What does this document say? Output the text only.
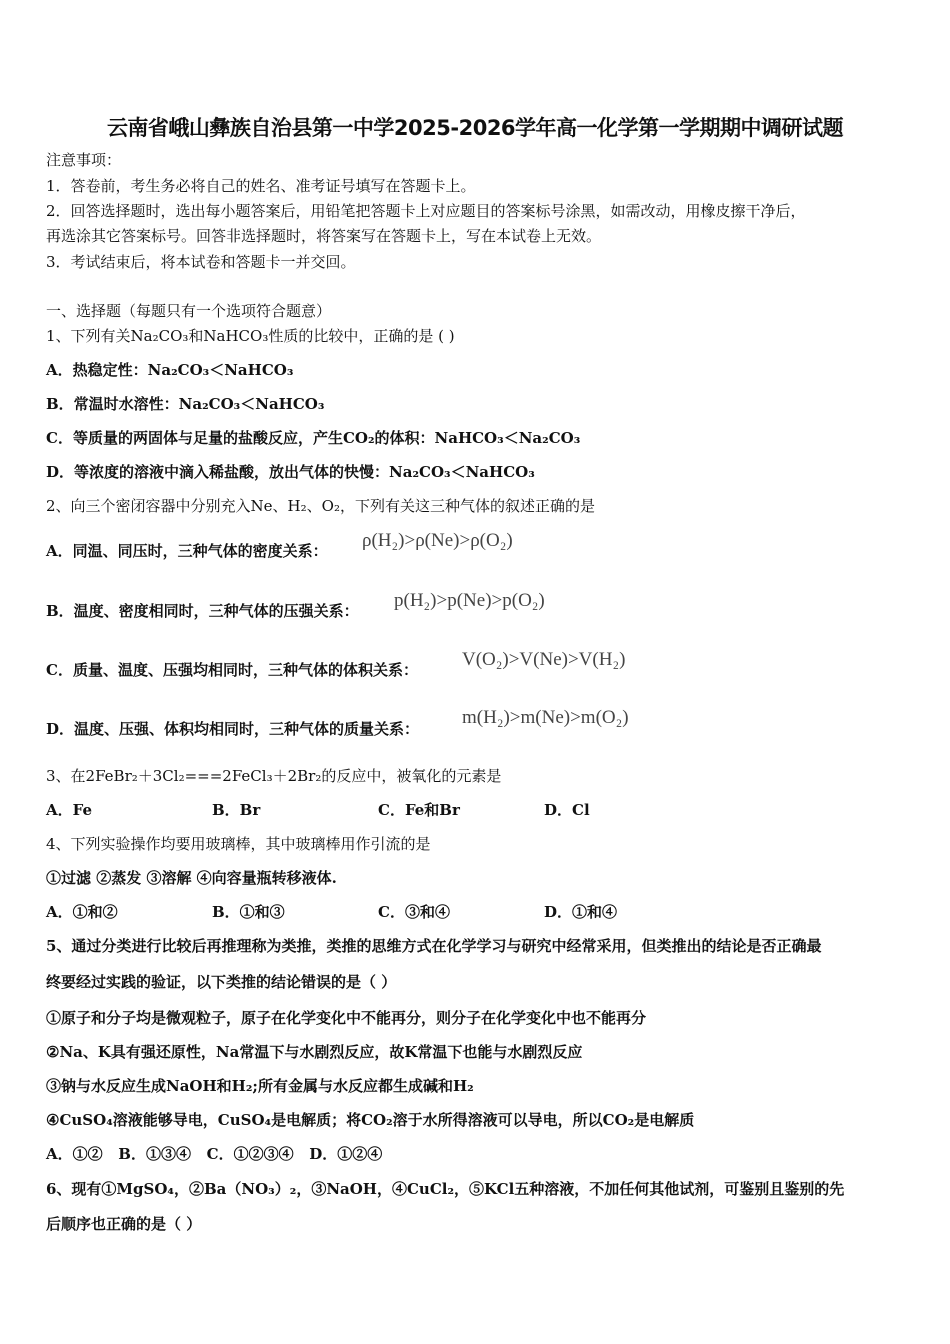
云南省峨山彝族自治县第一中学2025-2026学年高一化学第一学期期中调研试题
注意事项：
1．答卷前，考生务必将自己的姓名、准考证号填写在答题卡上。
2．回答选择题时，选出每小题答案后，用铅笔把答题卡上对应题目的答案标号涂黑，如需改动，用橡皮擦干净后，
再选涂其它答案标号。回答非选择题时，将答案写在答题卡上，写在本试卷上无效。
3．考试结束后，将本试卷和答题卡一并交回。
一、选择题（每题只有一个选项符合题意）
1、下列有关Na₂CO₃和NaHCO₃性质的比较中，正确的是 ( )
A．热稳定性：Na₂CO₃＜NaHCO₃
B．常温时水溶性：Na₂CO₃＜NaHCO₃
C．等质量的两固体与足量的盐酸反应，产生CO₂的体积：NaHCO₃＜Na₂CO₃
D．等浓度的溶液中滴入稀盐酸，放出气体的快慢：Na₂CO₃＜NaHCO₃
2、向三个密闭容器中分别充入Ne、H₂、O₂，下列有关这三种气体的叙述正确的是
A．同温、同压时，三种气体的密度关系： ρ(H₂)>ρ(Ne)>ρ(O₂)
B．温度、密度相同时，三种气体的压强关系： p(H₂)>p(Ne)>p(O₂)
C．质量、温度、压强均相同时，三种气体的体积关系： V(O₂)>V(Ne)>V(H₂)
D．温度、压强、体积均相同时，三种气体的质量关系：
m(H₂)>m(Ne)>m(O₂)
3、在2FeBr₂＋3Cl₂===2FeCl₃＋2Br₂的反应中，被氧化的元素是
A．Fe	B．Br	C．Fe和Br	D．Cl
4、下列实验操作均要用玻璃棒，其中玻璃棒用作引流的是
①过滤 ②蒸发 ③溶解 ④向容量瓶转移液体.
A．①和②	B．①和③	C．③和④	D．①和④
5、通过分类进行比较后再推理称为类推，类推的思维方式在化学学习与研究中经常采用，但类推出的结论是否正确最
终要经过实践的验证，以下类推的结论错误的是（ ）
①原子和分子均是微观粒子，原子在化学变化中不能再分，则分子在化学变化中也不能再分
②Na、K具有强还原性，Na常温下与水剧烈反应，故K常温下也能与水剧烈反应
③钠与水反应生成NaOH和H₂;所有金属与水反应都生成碱和H₂
④CuSO₄溶液能够导电，CuSO₄是电解质；将CO₂溶于水所得溶液可以导电，所以CO₂是电解质
A．①②   B．①③④   C．①②③④   D．①②④
6、现有①MgSO₄，②Ba（NO₃）₂，③NaOH，④CuCl₂，⑤KCl五种溶液，不加任何其他试剂，可鉴别且鉴别的先
后顺序也正确的是（ ）
